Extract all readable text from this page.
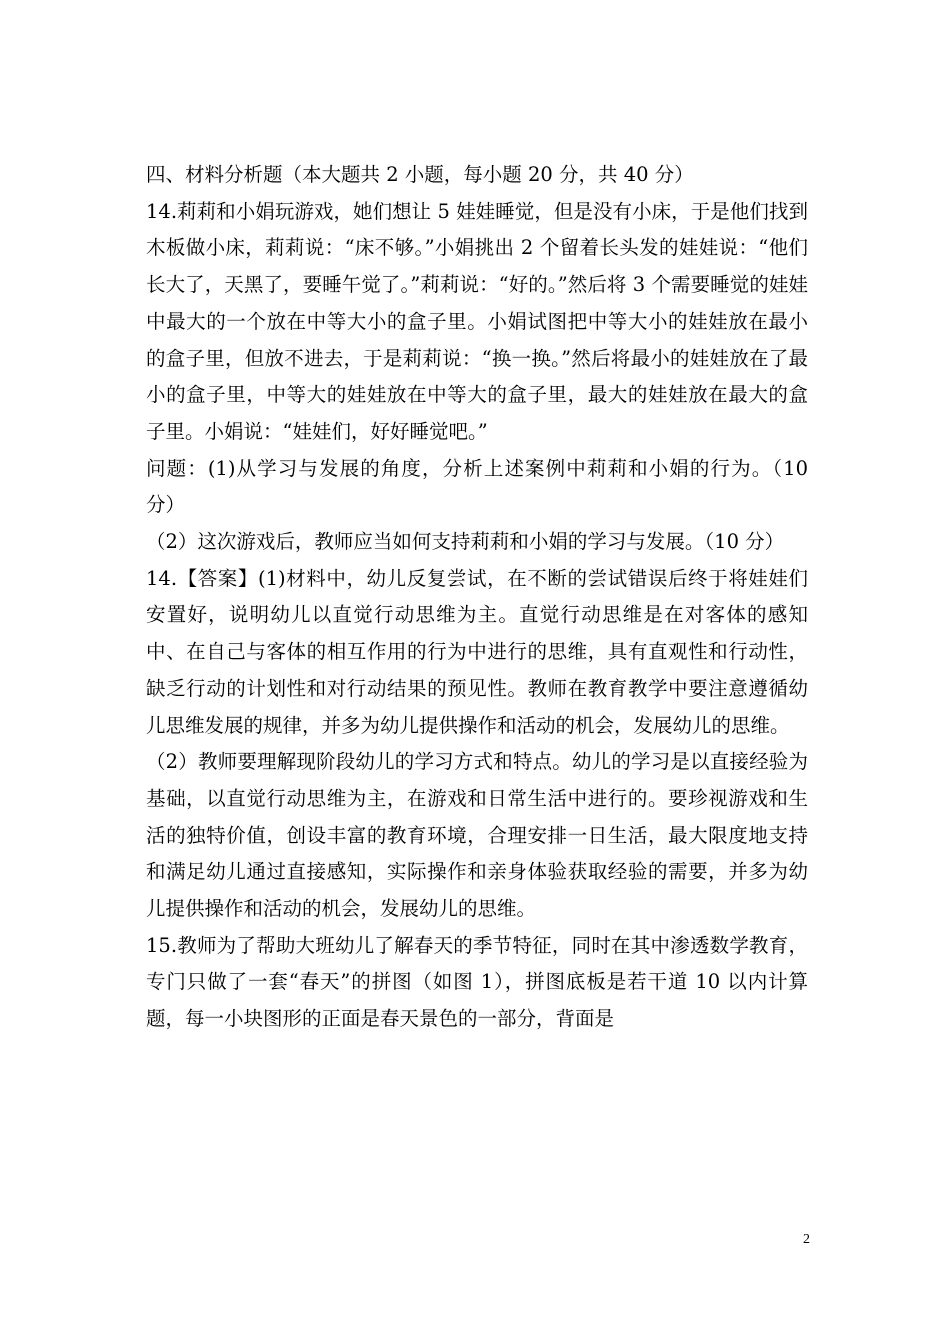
四、材料分析题（本大题共 2 小题，每小题 20 分，共 40 分）

14.莉莉和小娟玩游戏，她们想让 5 娃娃睡觉，但是没有小床，于是他们找到木板做小床，莉莉说：“床不够。”小娟挑出 2 个留着长头发的娃娃说：“他们长大了，天黑了，要睡午觉了。”莉莉说：“好的。”然后将 3 个需要睡觉的娃娃中最大的一个放在中等大小的盒子里。小娟试图把中等大小的娃娃放在最小的盒子里，但放不进去，于是莉莉说：“换一换。”然后将最小的娃娃放在了最小的盒子里，中等大的娃娃放在中等大的盒子里，最大的娃娃放在最大的盒子里。小娟说：“娃娃们，好好睡觉吧。”

问题：(1)从学习与发展的角度，分析上述案例中莉莉和小娟的行为。（10 分）

（2）这次游戏后，教师应当如何支持莉莉和小娟的学习与发展。（10 分）

14.【答案】(1)材料中，幼儿反复尝试，在不断的尝试错误后终于将娃娃们安置好，说明幼儿以直觉行动思维为主。直觉行动思维是在对客体的感知中、在自己与客体的相互作用的行为中进行的思维，具有直观性和行动性，缺乏行动的计划性和对行动结果的预见性。教师在教育教学中要注意遵循幼儿思维发展的规律，并多为幼儿提供操作和活动的机会，发展幼儿的思维。

（2）教师要理解现阶段幼儿的学习方式和特点。幼儿的学习是以直接经验为基础，以直觉行动思维为主，在游戏和日常生活中进行的。要珍视游戏和生活的独特价值，创设丰富的教育环境，合理安排一日生活，最大限度地支持和满足幼儿通过直接感知，实际操作和亲身体验获取经验的需要，并多为幼儿提供操作和活动的机会，发展幼儿的思维。

15.教师为了帮助大班幼儿了解春天的季节特征，同时在其中渗透数学教育，专门只做了一套“春天”的拼图（如图 1），拼图底板是若干道 10 以内计算题，每一小块图形的正面是春天景色的一部分，背面是

2
